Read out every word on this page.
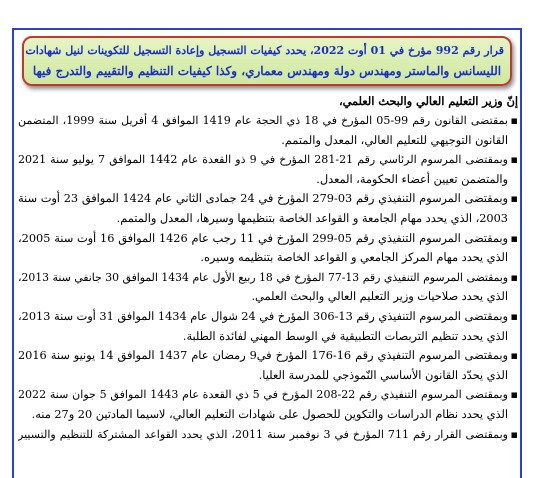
قرار رقم 992 مؤرخ في 01 أوت 2022، يحدد كيفيات التسجيل وإعادة التسجيل للتكوينات لنيل شهادات
الليسانس والماستر ومهندس دولة ومهندس معماري، وكذا كيفيات التنظيم والتقييم والتدرج فيها

إنّ وزير التعليم العالي والبحث العلمي،

▪
بمقتضى القانون رقم 99-05 المؤرخ في 18 ذي الحجة عام 1419 الموافق 4 أفريل سنة 1999، المتضمن
القانون التوجيهي للتعليم العالي، المعدل والمتمم.
▪
وبمقتضى المرسوم الرئاسي رقم 21-281 المؤرخ في 9 ذو القعدة عام 1442 الموافق 7 يوليو سنة 2021
والمتضمن تعيين أعضاء الحكومة، المعدل.
▪
وبمقتضى المرسوم التنفيذي رقم 03-279 المؤرخ في 24 جمادى الثاني عام 1424 الموافق 23 أوت سنة
2003، الذي يحدد مهام الجامعة و القواعد الخاصة بتنظيمها وسيرها، المعدل والمتمم.
▪
وبمقتضى المرسوم التنفيذي رقم 05-299 المؤرخ في 11 رجب عام 1426 الموافق 16 أوت سنة 2005،
الذي يحدد مهام المركز الجامعي و القواعد الخاصة بتنظيمه وسيره.
▪
وبمقتضى المرسوم التنفيذي رقم 13-77 المؤرخ في 18 ربيع الأول عام 1434 الموافق 30 جانفي سنة 2013،
الذي يحدد صلاحيات وزير التعليم العالي والبحث العلمي.
▪
وبمقتضى المرسوم التنفيذي رقم 13-306 المؤرخ في 24 شوال عام 1434 الموافق 31 أوت سنة 2013،
الذي يحدد تنظيم التربصات التطبيقية في الوسط المهني لفائدة الطلبة.
▪
وبمقتضى المرسوم التنفيذي رقم 16-176 المؤرخ في9 رمضان عام 1437 الموافق 14 يونيو سنة 2016
الذي يحدّد القانون الأساسي النّموذجي للمدرسة العليا.
▪
وبمقتضى المرسوم التنفيذي رقم 22-208 المؤرخ في 5 ذي القعدة عام 1443 الموافق 5 جوان سنة 2022
الذي يحدد نظام الدراسات والتكوين للحصول على شهادات التعليم العالي، لاسيما المادتين 20 و27 منه.
▪
وبمقتضى القرار رقم 711 المؤرخ في 3 نوفمبر سنة 2011، الذي يحدد القواعد المشتركة للتنظيم والتسيير
